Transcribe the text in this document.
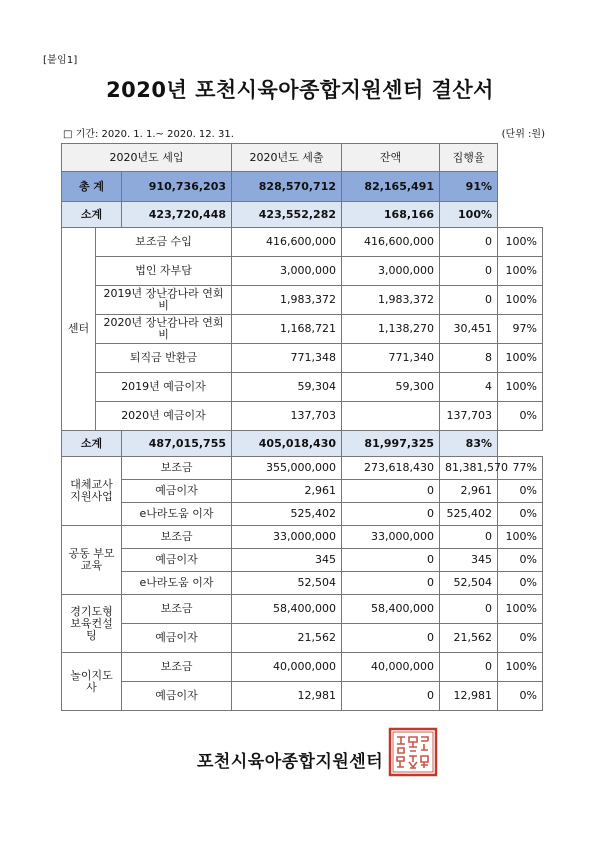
[붙임1]
2020년 포천시육아종합지원센터 결산서
□ 기간: 2020. 1. 1.~ 2020. 12. 31.	(단위 :원)
2020년도 세입			2020년도 세출	잔액	집행율	
총 계		910,736,203	828,570,712	82,165,491	91%	
소계		423,720,448	423,552,282	168,166	100%	
센터	보조금 수입		416,600,000	416,600,000	0	100%
	법인 자부담		3,000,000	3,000,000	0	100%
	2019년 장난감나라 연회비		1,983,372	1,983,372	0	100%
	2020년 장난감나라 연회비		1,168,721	1,138,270	30,451	97%
	퇴직금 반환금		771,348	771,340	8	100%
	2019년 예금이자		59,304	59,300	4	100%
	2020년 예금이자		137,703		137,703	0%
소계		487,015,755	405,018,430	81,997,325	83%	
대체교사 지원사업		보조금	355,000,000	273,618,430	81,381,570	77%
		예금이자	2,961	0	2,961	0%
		e나라도움 이자	525,402	0	525,402	0%
공동 부모교육		보조금	33,000,000	33,000,000	0	100%
		예금이자	345	0	345	0%
		e나라도움 이자	52,504	0	52,504	0%
경기도형 보육컨설팅		보조금	58,400,000	58,400,000	0	100%
		예금이자	21,562	0	21,562	0%
놀이지도사		보조금	40,000,000	40,000,000	0	100%
		예금이자	12,981	0	12,981	0%
포천시육아종합지원센터
